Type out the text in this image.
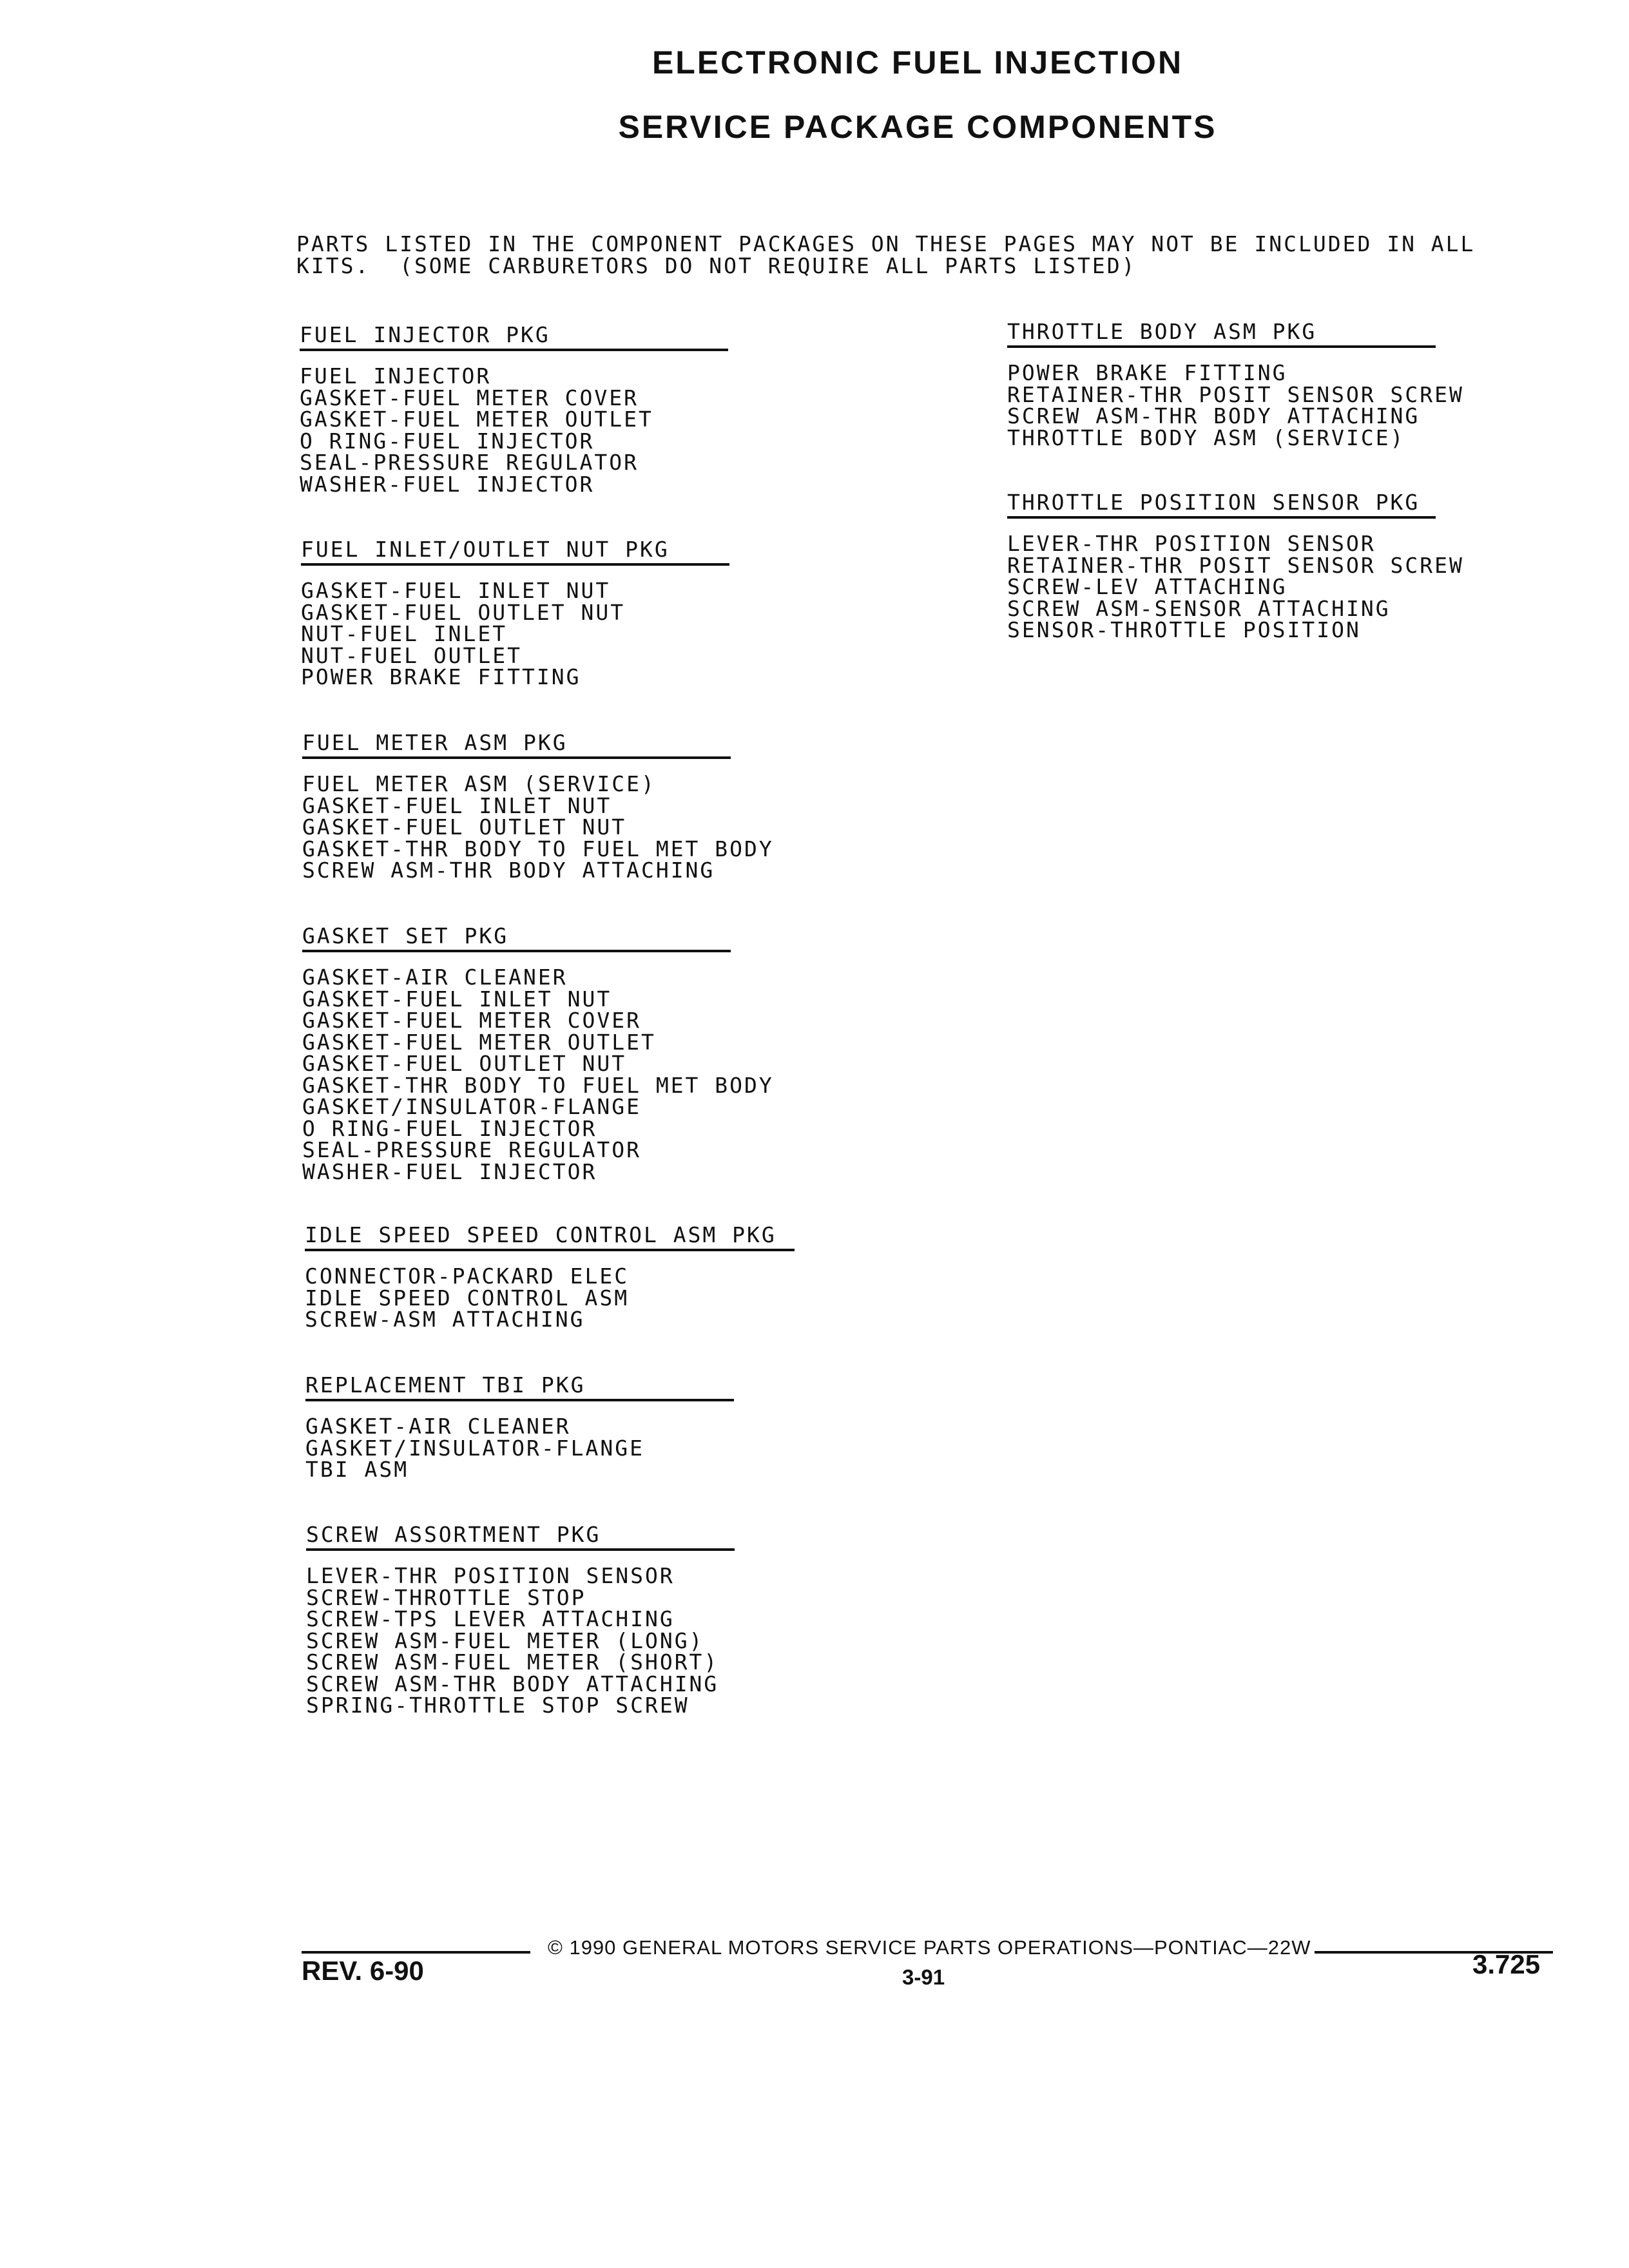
ELECTRONIC FUEL INJECTION
SERVICE PACKAGE COMPONENTS
PARTS LISTED IN THE COMPONENT PACKAGES ON THESE PAGES MAY NOT BE INCLUDED IN ALL
KITS.  (SOME CARBURETORS DO NOT REQUIRE ALL PARTS LISTED)
FUEL INJECTOR PKG
FUEL INJECTOR
GASKET-FUEL METER COVER
GASKET-FUEL METER OUTLET
O RING-FUEL INJECTOR
SEAL-PRESSURE REGULATOR
WASHER-FUEL INJECTOR
FUEL INLET/OUTLET NUT PKG
GASKET-FUEL INLET NUT
GASKET-FUEL OUTLET NUT
NUT-FUEL INLET
NUT-FUEL OUTLET
POWER BRAKE FITTING
FUEL METER ASM PKG
FUEL METER ASM (SERVICE)
GASKET-FUEL INLET NUT
GASKET-FUEL OUTLET NUT
GASKET-THR BODY TO FUEL MET BODY
SCREW ASM-THR BODY ATTACHING
GASKET SET PKG
GASKET-AIR CLEANER
GASKET-FUEL INLET NUT
GASKET-FUEL METER COVER
GASKET-FUEL METER OUTLET
GASKET-FUEL OUTLET NUT
GASKET-THR BODY TO FUEL MET BODY
GASKET/INSULATOR-FLANGE
O RING-FUEL INJECTOR
SEAL-PRESSURE REGULATOR
WASHER-FUEL INJECTOR
IDLE SPEED SPEED CONTROL ASM PKG
CONNECTOR-PACKARD ELEC
IDLE SPEED CONTROL ASM
SCREW-ASM ATTACHING
REPLACEMENT TBI PKG
GASKET-AIR CLEANER
GASKET/INSULATOR-FLANGE
TBI ASM
SCREW ASSORTMENT PKG
LEVER-THR POSITION SENSOR
SCREW-THROTTLE STOP
SCREW-TPS LEVER ATTACHING
SCREW ASM-FUEL METER (LONG)
SCREW ASM-FUEL METER (SHORT)
SCREW ASM-THR BODY ATTACHING
SPRING-THROTTLE STOP SCREW
THROTTLE BODY ASM PKG
POWER BRAKE FITTING
RETAINER-THR POSIT SENSOR SCREW
SCREW ASM-THR BODY ATTACHING
THROTTLE BODY ASM (SERVICE)
THROTTLE POSITION SENSOR PKG
LEVER-THR POSITION SENSOR
RETAINER-THR POSIT SENSOR SCREW
SCREW-LEV ATTACHING
SCREW ASM-SENSOR ATTACHING
SENSOR-THROTTLE POSITION
© 1990 GENERAL MOTORS SERVICE PARTS OPERATIONS—PONTIAC—22W
REV. 6-90	3-91	3.725
